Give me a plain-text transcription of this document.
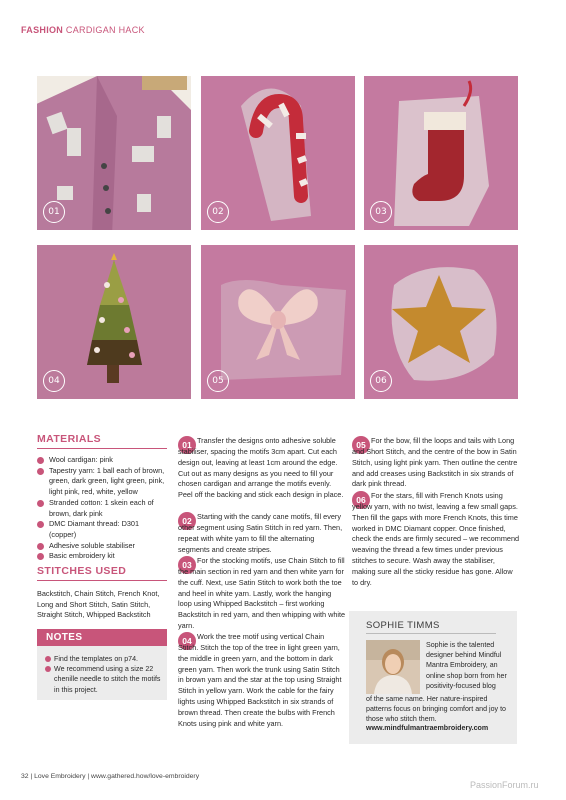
FASHION CARDIGAN HACK
01	02	03
04	05	06
MATERIALS
Wool cardigan: pink
Tapestry yarn: 1 ball each of brown, green, dark green, light green, pink, light pink, red, white, yellow
Stranded cotton: 1 skein each of brown, dark pink
DMC Diamant thread: D301 (copper)
Adhesive soluble stabiliser
Basic embroidery kit
STITCHES USED
Backstitch, Chain Stitch, French Knot, Long and Short Stitch, Satin Stitch, Straight Stitch, Whipped Backstitch
NOTES
Find the templates on p74.
We recommend using a size 22 chenille needle to stitch the motifs in this project.
01 Transfer the designs onto adhesive soluble stabiliser, spacing the motifs 3cm apart. Cut each design out, leaving at least 1cm around the edge. Cut out as many designs as you need to fill your chosen cardigan and arrange the motifs evenly. Peel off the backing and stick each design in place.
02 Starting with the candy cane motifs, fill every other segment using Satin Stitch in red yarn. Then, repeat with white yarn to fill the alternating segments and create stripes.
03 For the stocking motifs, use Chain Stitch to fill the main section in red yarn and then white yarn for the cuff. Next, use Satin Stitch to work both the toe and heel in white yarn. Lastly, work the hanging loop using Whipped Backstitch – first working Backstitch in red yarn, and then whipping with white yarn.
04 Work the tree motif using vertical Chain Stitch. Stitch the top of the tree in light green yarn, the middle in green yarn, and the bottom in dark green yarn. Then work the trunk using Satin Stitch in brown yarn and the star at the top using Straight Stitch in yellow yarn. Work the cable for the fairy lights using Whipped Backstitch in six strands of brown thread. Then create the bulbs with French Knots using pink and white yarn.
05 For the bow, fill the loops and tails with Long and Short Stitch, and the centre of the bow in Satin Stitch, using light pink yarn. Then outline the centre and add creases using Backstitch in six strands of dark pink thread.
06 For the stars, fill with French Knots using yellow yarn, with no twist, leaving a few small gaps. Then fill the gaps with more French Knots, this time worked in DMC Diamant copper. Once finished, check the ends are firmly secured – we recommend weaving the thread a few times under previous stitches to secure. Wash away the stabiliser, making sure all the sticky residue has gone. Allow to dry.
SOPHIE TIMMS
Sophie is the talented designer behind Mindful Mantra Embroidery, an online shop born from her positivity-focused blog
of the same name. Her nature-inspired patterns focus on bringing comfort and joy to those who stitch them.
www.mindfulmantraembroidery.com
32 | Love Embroidery | www.gathered.how/love-embroidery
PassionForum.ru
